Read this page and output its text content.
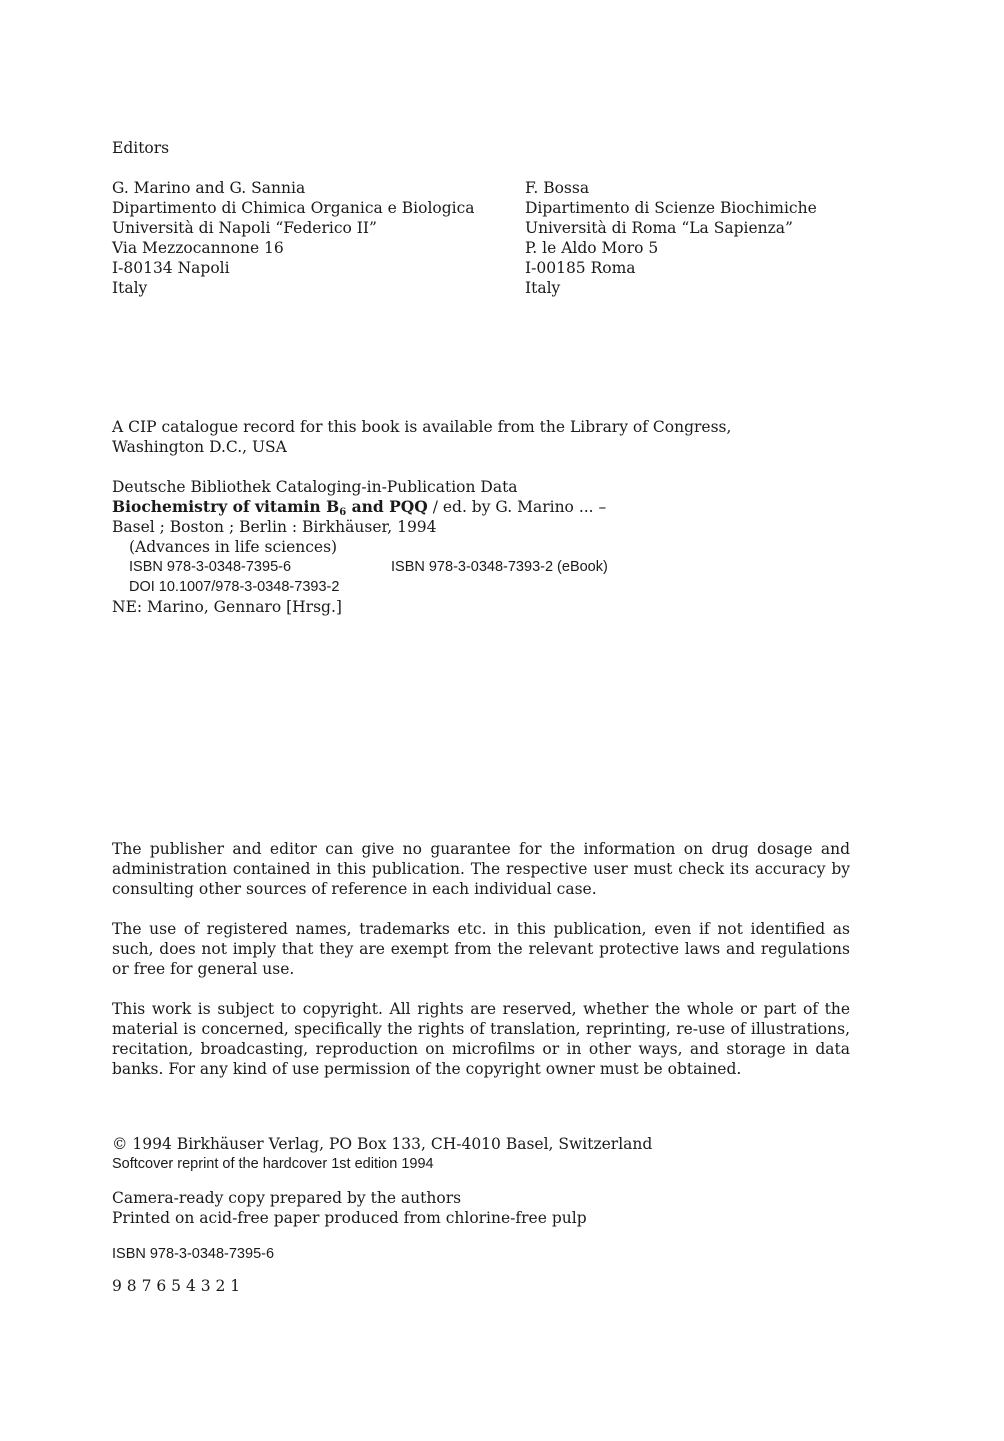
Editors
G. Marino and G. Sannia
Dipartimento di Chimica Organica e Biologica
Università di Napoli “Federico II”
Via Mezzocannone 16
I-80134 Napoli
Italy
F. Bossa
Dipartimento di Scienze Biochimiche
Università di Roma “La Sapienza”
P. le Aldo Moro 5
I-00185 Roma
Italy
A CIP catalogue record for this book is available from the Library of Congress,
Washington D.C., USA
Deutsche Bibliothek Cataloging-in-Publication Data
Biochemistry of vitamin $B_6$ and PQQ / ed. by G. Marino ... –
Basel ; Boston ; Berlin : Birkhäuser, 1994
(Advances in life sciences)
ISBN 978-3-0348-7395-6	ISBN 978-3-0348-7393-2 (eBook)
DOI 10.1007/978-3-0348-7393-2
NE: Marino, Gennaro [Hrsg.]
The publisher and editor can give no guarantee for the information on drug dosage and administration contained in this publication. The respective user must check its accuracy by consulting other sources of reference in each individual case.
The use of registered names, trademarks etc. in this publication, even if not identified as such, does not imply that they are exempt from the relevant protective laws and regulations or free for general use.
This work is subject to copyright. All rights are reserved, whether the whole or part of the material is concerned, specifically the rights of translation, reprinting, re-use of illustrations, recitation, broadcasting, reproduction on microfilms or in other ways, and storage in data banks. For any kind of use permission of the copyright owner must be obtained.
© 1994 Birkhäuser Verlag, PO Box 133, CH-4010 Basel, Switzerland
Softcover reprint of the hardcover 1st edition 1994
Camera-ready copy prepared by the authors
Printed on acid-free paper produced from chlorine-free pulp
ISBN 978-3-0348-7395-6
9 8 7 6 5 4 3 2 1
